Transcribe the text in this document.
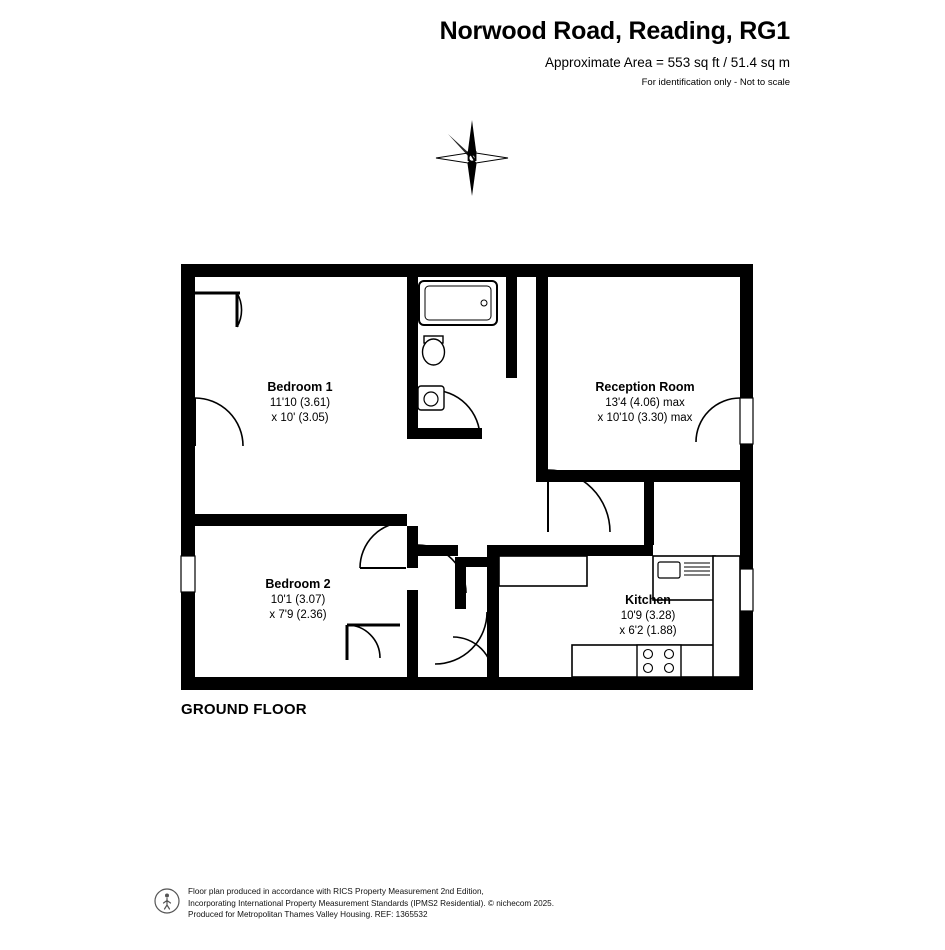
Norwood Road, Reading, RG1
Approximate Area = 553 sq ft / 51.4 sq m
For identification only - Not to scale
N
Bedroom 1
11'10 (3.61)
x 10' (3.05)
Bedroom 2
10'1 (3.07)
x 7'9 (2.36)
Reception Room
13'4 (4.06) max
x 10'10 (3.30) max
Kitchen
10'9 (3.28)
x 6'2 (1.88)
GROUND FLOOR
Floor plan produced in accordance with RICS Property Measurement 2nd Edition,
Incorporating International Property Measurement Standards (IPMS2 Residential). © nichecom 2025.
Produced for Metropolitan Thames Valley Housing. REF: 1365532
